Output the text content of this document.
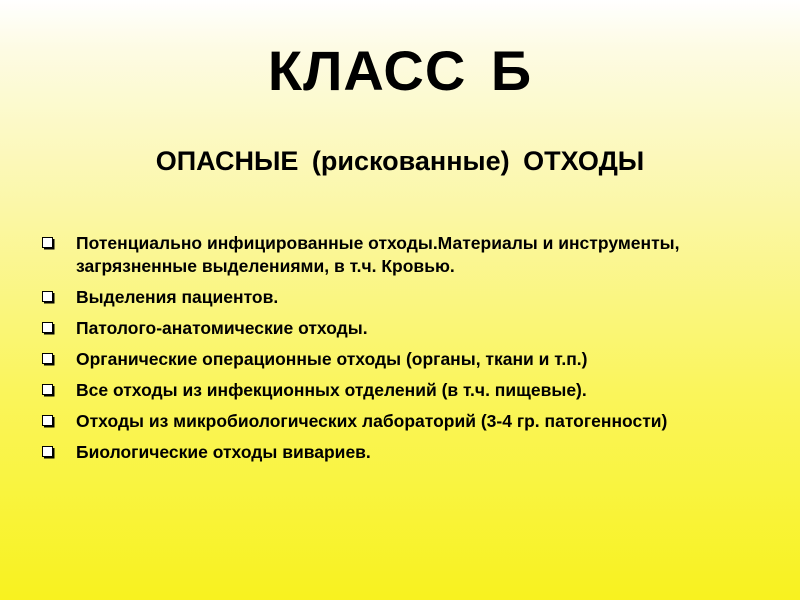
КЛАСС Б
ОПАСНЫЕ (рискованные) ОТХОДЫ
Потенциально инфицированные отходы.Материалы и инструменты, загрязненные выделениями, в т.ч. Кровью.
Выделения пациентов.
Патолого-анатомические отходы.
Органические операционные отходы (органы, ткани и т.п.)
Все отходы из инфекционных отделений (в т.ч. пищевые).
Отходы из микробиологических лабораторий (3-4 гр. патогенности)
Биологические отходы вивариев.
